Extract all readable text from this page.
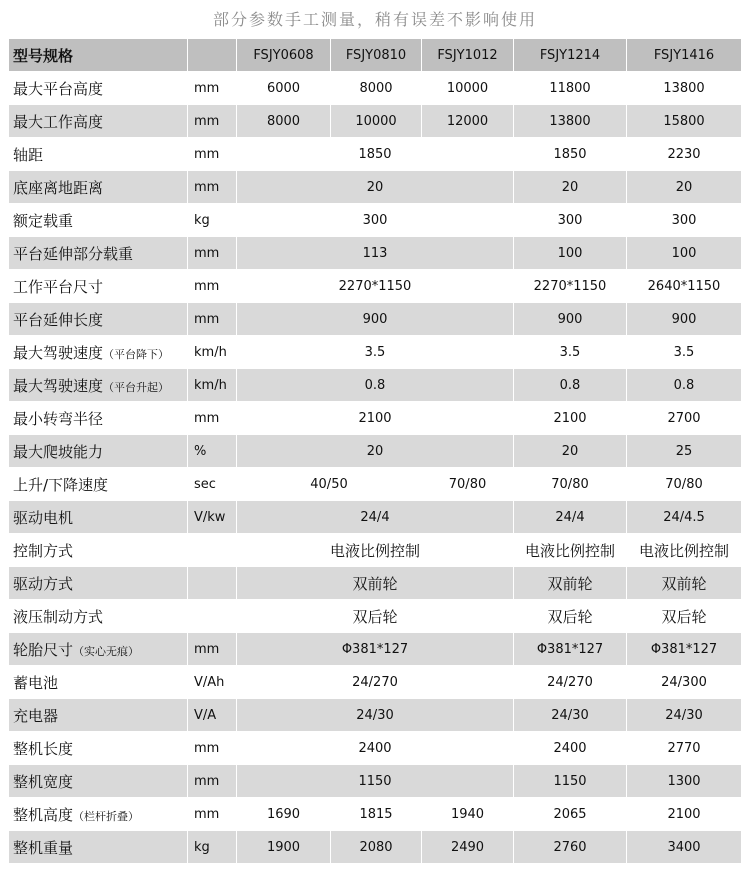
部分参数手工测量，稍有误差不影响使用
型号规格		FSJY0608	FSJY0810	FSJY1012	FSJY1214	FSJY1416
最大平台高度	mm	6000	8000	10000	11800	13800
最大工作高度	mm	8000	10000	12000	13800	15800
轴距	mm	1850			1850	2230
底座离地距离	mm	20			20	20
额定载重	kg	300			300	300
平台延伸部分载重	mm	113			100	100
工作平台尺寸	mm	2270*1150			2270*1150	2640*1150
平台延伸长度	mm	900			900	900
最大驾驶速度（平台降下）	km/h	3.5			3.5	3.5
最大驾驶速度（平台升起）	km/h	0.8			0.8	0.8
最小转弯半径	mm	2100			2100	2700
最大爬坡能力	%	20			20	25
上升/下降速度	sec	40/50		70/80	70/80	70/80
驱动电机	V/kw	24/4			24/4	24/4.5
控制方式		电液比例控制			电液比例控制	电液比例控制
驱动方式		双前轮			双前轮	双前轮
液压制动方式		双后轮			双后轮	双后轮
轮胎尺寸（实心无痕）	mm	Φ381*127			Φ381*127	Φ381*127
蓄电池	V/Ah	24/270			24/270	24/300
充电器	V/A	24/30			24/30	24/30
整机长度	mm	2400			2400	2770
整机宽度	mm	1150			1150	1300
整机高度（栏杆折叠）	mm	1690	1815	1940	2065	2100
整机重量	kg	1900	2080	2490	2760	3400
